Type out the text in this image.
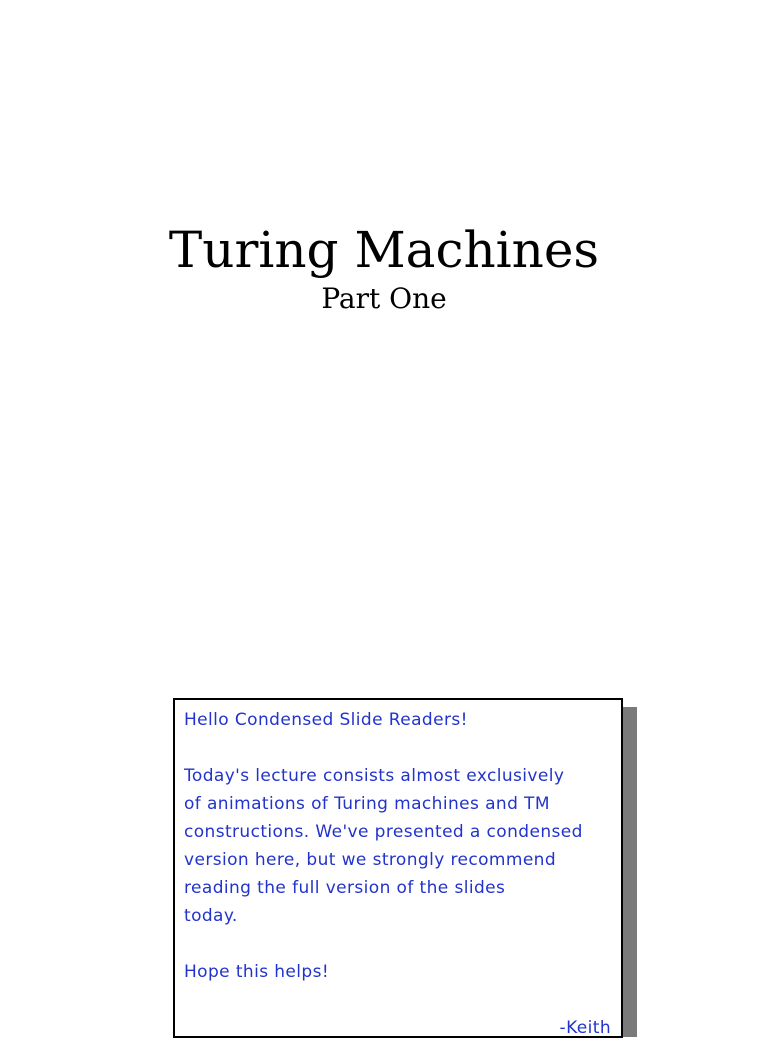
Turing Machines
Part One
Hello Condensed Slide Readers!

Today's lecture consists almost exclusively
of animations of Turing machines and TM
constructions. We've presented a condensed
version here, but we strongly recommend
reading the full version of the slides
today.

Hope this helps!

-Keith
